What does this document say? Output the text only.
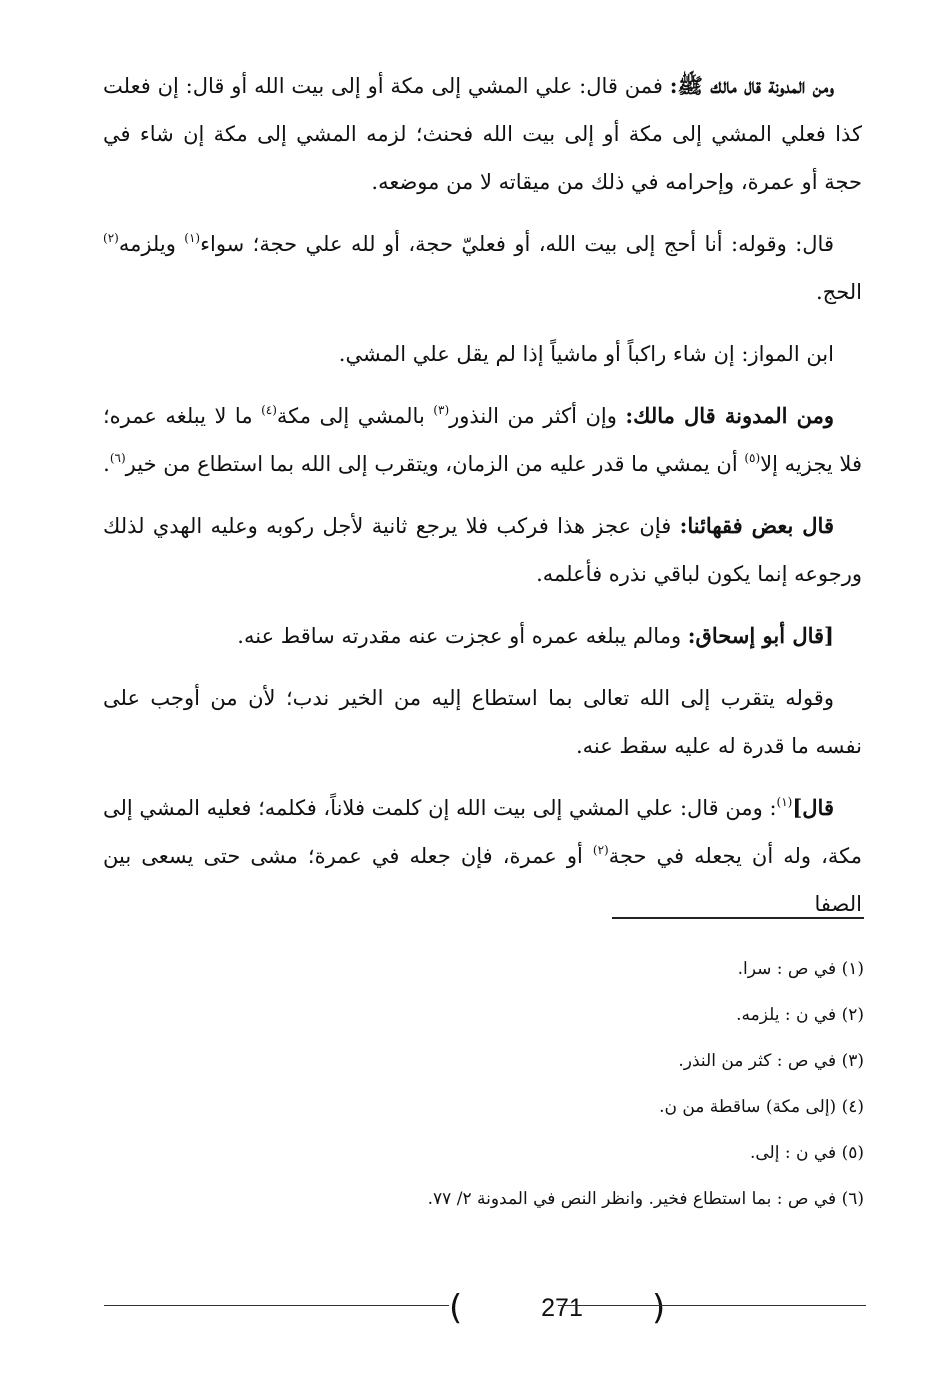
ومن المدونة قال مالك ﷺ: فمن قال: علي المشي إلى مكة أو إلى بيت الله أو قال: إن فعلت كذا فعلي المشي إلى مكة أو إلى بيت الله فحنث؛ لزمه المشي إلى مكة إن شاء في حجة أو عمرة، وإحرامه في ذلك من ميقاته لا من موضعه.

قال: وقوله: أنا أحج إلى بيت الله، أو فعليّ حجة، أو لله علي حجة؛ سواء$^{(١)}$ ويلزمه$^{(٢)}$ الحج.

ابن المواز: إن شاء راكباً أو ماشياً إذا لم يقل علي المشي.

ومن المدونة قال مالك: وإن أكثر من النذور$^{(٣)}$ بالمشي إلى مكة$^{(٤)}$ ما لا يبلغه عمره؛ فلا يجزيه إلا$^{(٥)}$ أن يمشي ما قدر عليه من الزمان، ويتقرب إلى الله بما استطاع من خير$^{(٦)}$.

قال بعض فقهائنا: فإن عجز هذا فركب فلا يرجع ثانية لأجل ركوبه وعليه الهدي لذلك ورجوعه إنما يكون لباقي نذره فأعلمه.

[قال أبو إسحاق: ومالم يبلغه عمره أو عجزت عنه مقدرته ساقط عنه.

وقوله يتقرب إلى الله تعالى بما استطاع إليه من الخير ندب؛ لأن من أوجب على نفسه ما قدرة له عليه سقط عنه.

قال]$^{(١)}$: ومن قال: علي المشي إلى بيت الله إن كلمت فلاناً، فكلمه؛ فعليه المشي إلى مكة، وله أن يجعله في حجة$^{(٢)}$ أو عمرة، فإن جعله في عمرة؛ مشى حتى يسعى بين الصفا

(١) في ص : سرا.
(٢) في ن : يلزمه.
(٣) في ص : كثر من النذر.
(٤) (إلى مكة) ساقطة من ن.
(٥) في ن : إلى.
(٦) في ص : بما استطاع فخير. وانظر النص في المدونة ٢/ ٧٧.
(	271	)
